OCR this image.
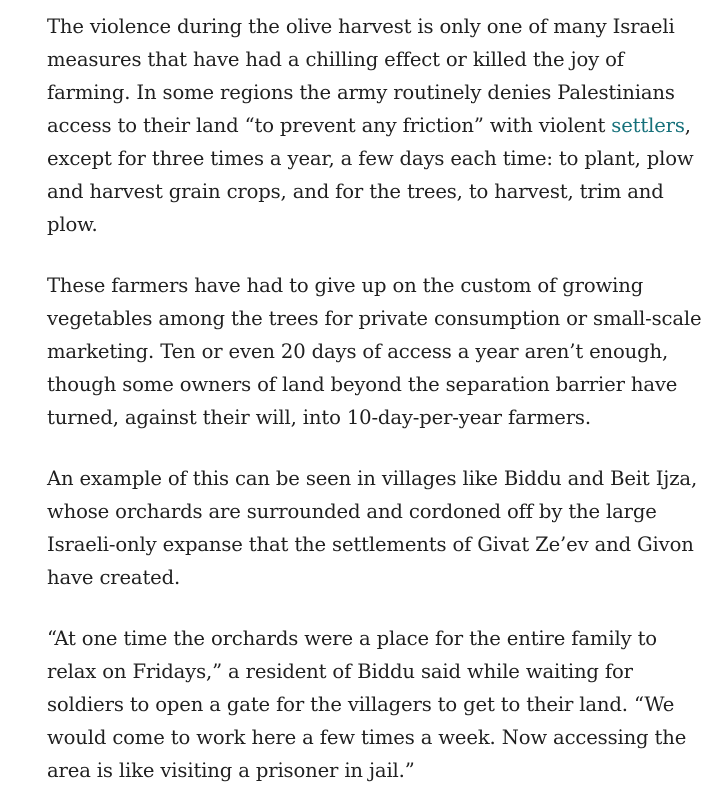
The violence during the olive harvest is only one of many Israeli measures that have had a chilling effect or killed the joy of farming. In some regions the army routinely denies Palestinians access to their land “to prevent any friction” with violent settlers, except for three times a year, a few days each time: to plant, plow and harvest grain crops, and for the trees, to harvest, trim and plow.

These farmers have had to give up on the custom of growing vegetables among the trees for private consumption or small-scale marketing. Ten or even 20 days of access a year aren’t enough, though some owners of land beyond the separation barrier have turned, against their will, into 10-day-per-year farmers.

An example of this can be seen in villages like Biddu and Beit Ijza, whose orchards are surrounded and cordoned off by the large Israeli-only expanse that the settlements of Givat Ze’ev and Givon have created.

“At one time the orchards were a place for the entire family to relax on Fridays,” a resident of Biddu said while waiting for soldiers to open a gate for the villagers to get to their land. “We would come to work here a few times a week. Now accessing the area is like visiting a prisoner in jail.”
